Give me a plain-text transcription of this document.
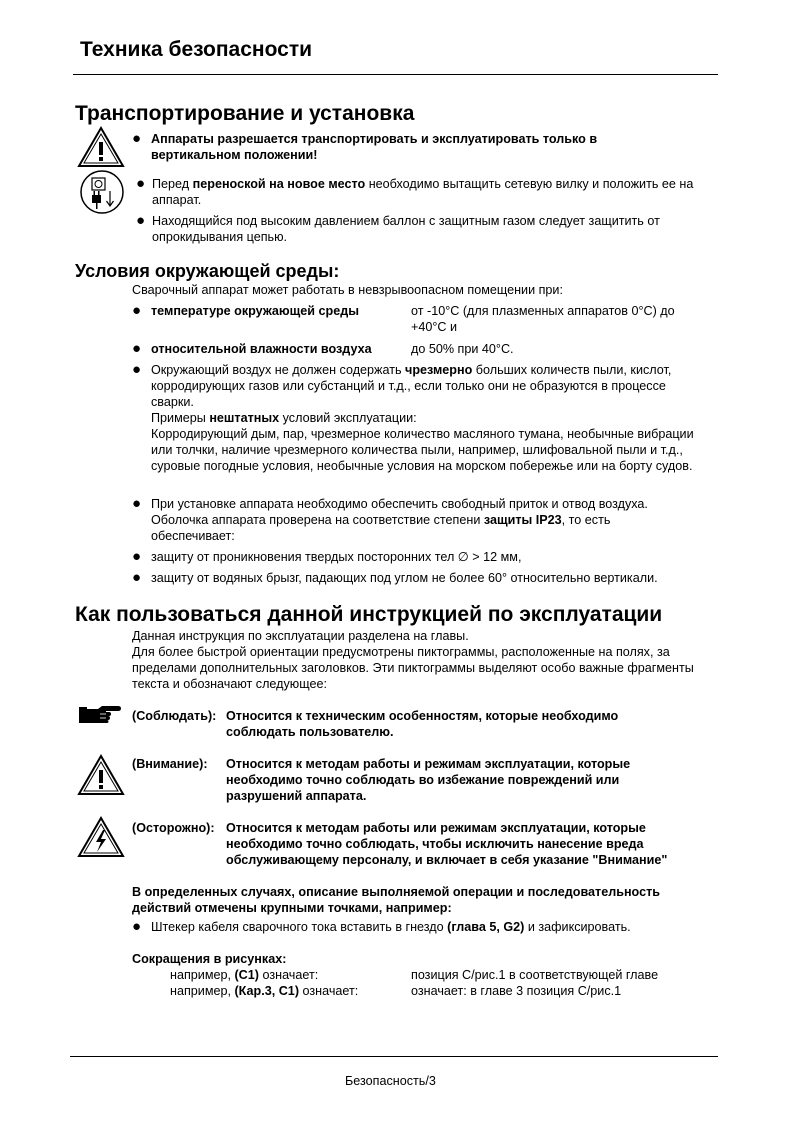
Техника безопасности
Транспортирование и установка
● Аппараты разрешается транспортировать и эксплуатировать только в вертикальном положении!
● Перед переноской на новое место необходимо вытащить сетевую вилку и положить ее на аппарат.
● Находящийся под высоким давлением баллон с защитным газом следует защитить от опрокидывания цепью.
Условия окружающей среды:
Сварочный аппарат может работать в невзрывоопасном помещении при:
● температуре окружающей среды	от -10°С (для плазменных аппаратов 0°С) до +40°С и
● относительной влажности воздуха	до 50% при 40°С.
● Окружающий воздух не должен содержать чрезмерно больших количеств пыли, кислот, корродирующих газов или субстанций и т.д., если только они не образуются в процессе сварки.
Примеры нештатных условий эксплуатации:
Корродирующий дым, пар, чрезмерное количество масляного тумана, необычные вибрации или толчки, наличие чрезмерного количества пыли, например, шлифовальной пыли и т.д., суровые погодные условия, необычные условия на морском побережье или на борту судов.
● При установке аппарата необходимо обеспечить свободный приток и отвод воздуха. Оболочка аппарата проверена на соответствие степени защиты IP23, то есть обеспечивает:
● защиту от проникновения твердых посторонних тел ∅ > 12 мм,
● защиту от водяных брызг, падающих под углом не более 60° относительно вертикали.
Как пользоваться данной инструкцией по эксплуатации
Данная инструкция по эксплуатации разделена на главы.
Для более быстрой ориентации предусмотрены пиктограммы, расположенные на полях, за пределами дополнительных заголовков. Эти пиктограммы выделяют особо важные фрагменты текста и обозначают следующее:
(Соблюдать): Относится к техническим особенностям, которые необходимо соблюдать пользователю.
(Внимание): Относится к методам работы и режимам эксплуатации, которые необходимо точно соблюдать во избежание повреждений или разрушений аппарата.
(Осторожно): Относится к методам работы или режимам эксплуатации, которые необходимо точно соблюдать, чтобы исключить нанесение вреда обслуживающему персоналу, и включает в себя указание "Внимание"
В определенных случаях, описание выполняемой операции и последовательность действий отмечены крупными точками, например:
● Штекер кабеля сварочного тока вставить в гнездо (глава 5, G2) и зафиксировать.
Сокращения в рисунках:
например, (С1) означает:	позиция С/рис.1 в соответствующей главе
например, (Кар.3, С1) означает:	означает: в главе 3 позиция С/рис.1
Безопасность/3
